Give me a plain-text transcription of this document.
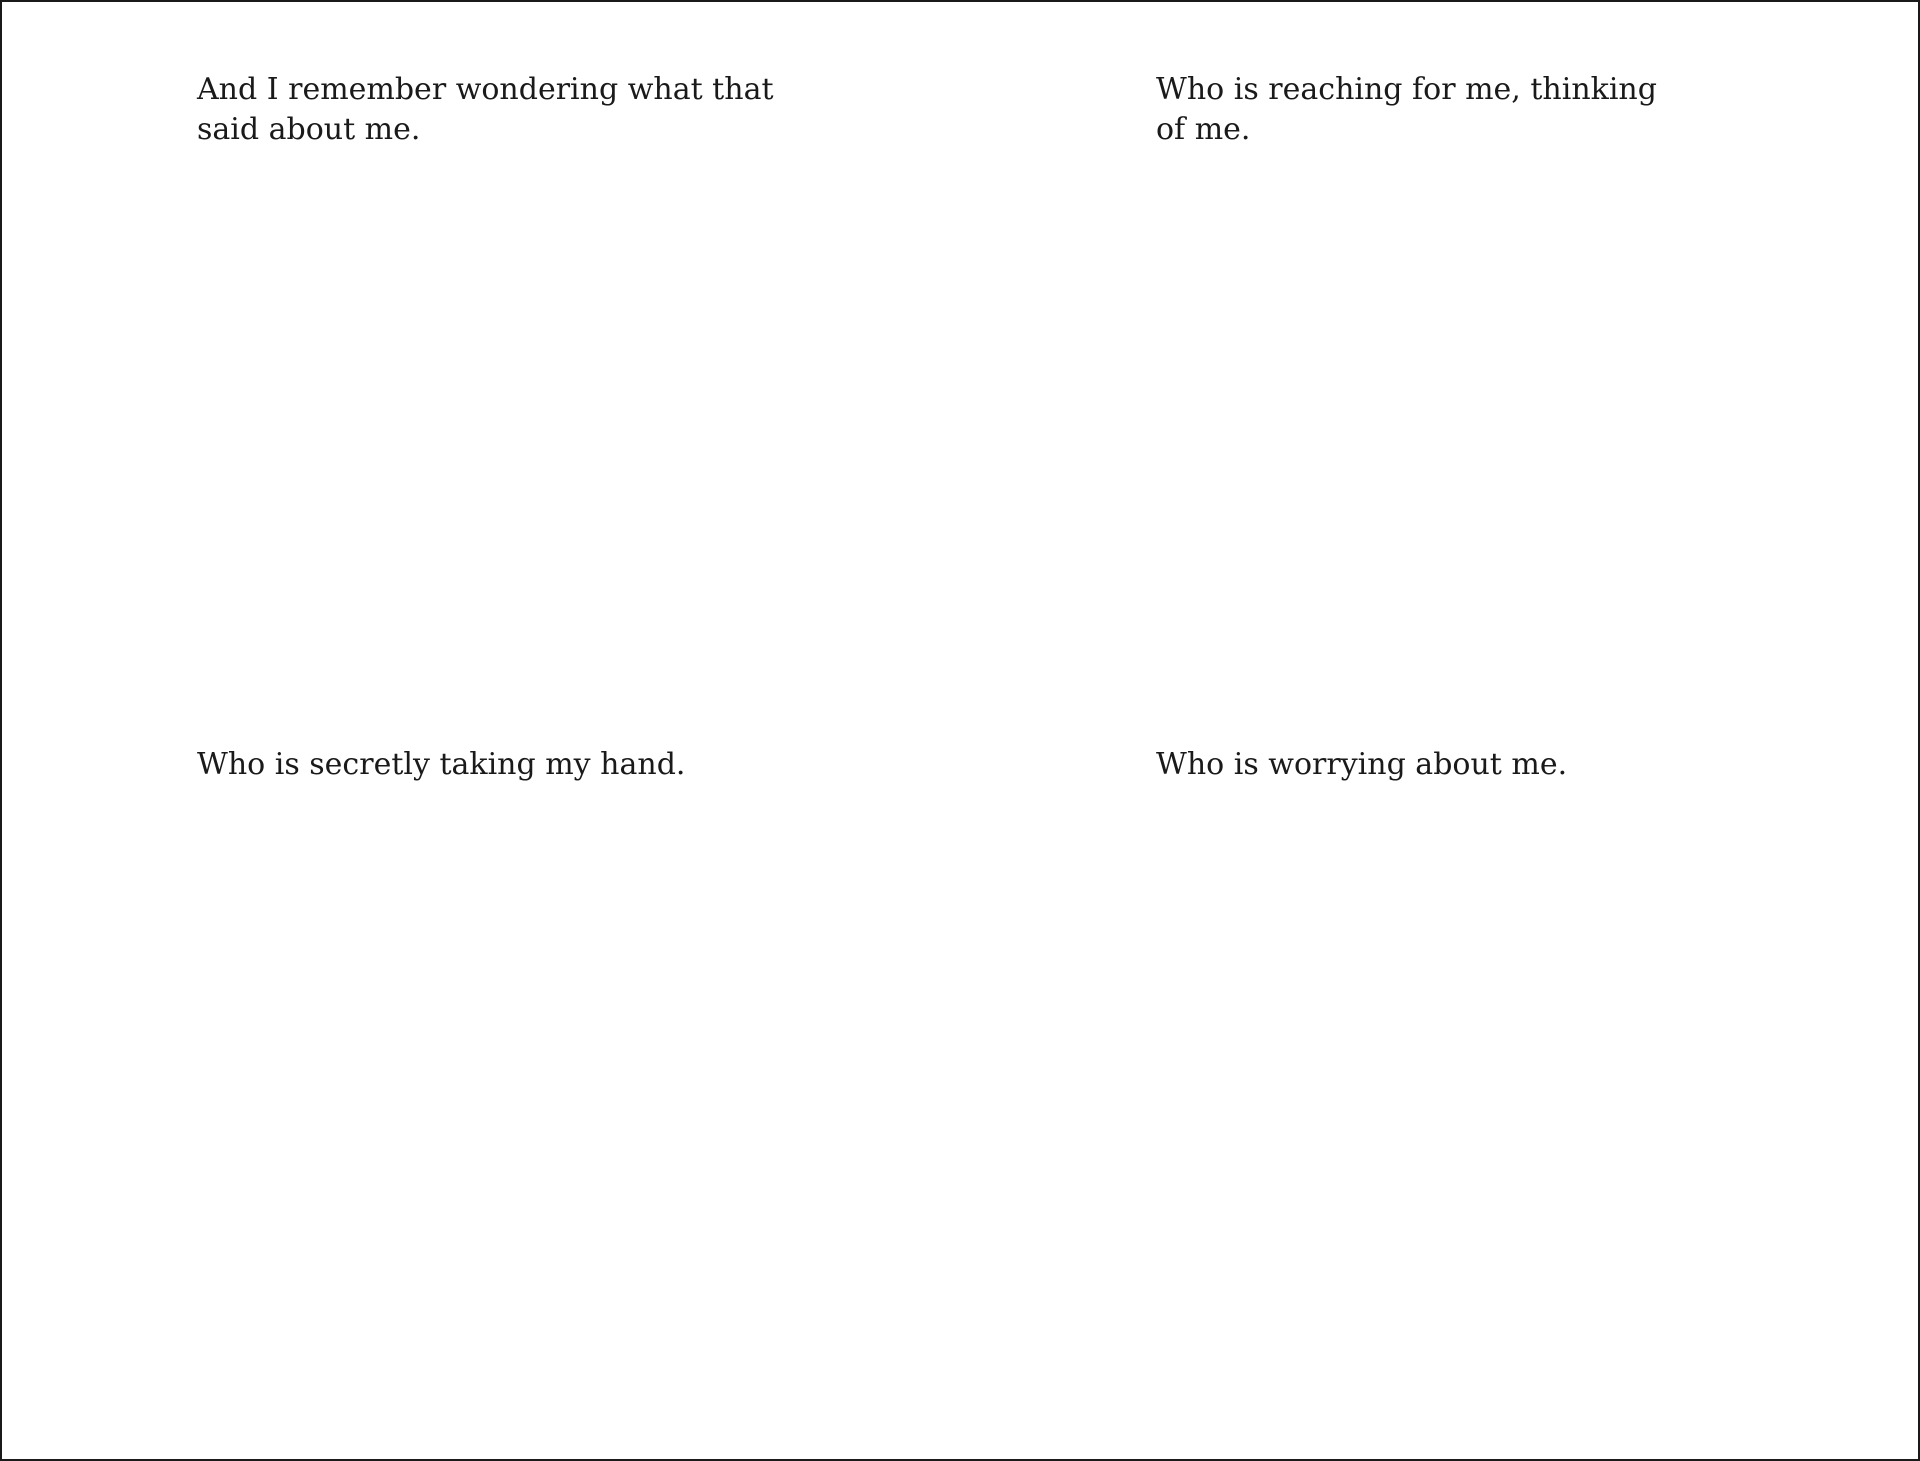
And I remember wondering what that
said about me.

Who is reaching for me, thinking
of me.

Who is secretly taking my hand.	Who is worrying about me.
